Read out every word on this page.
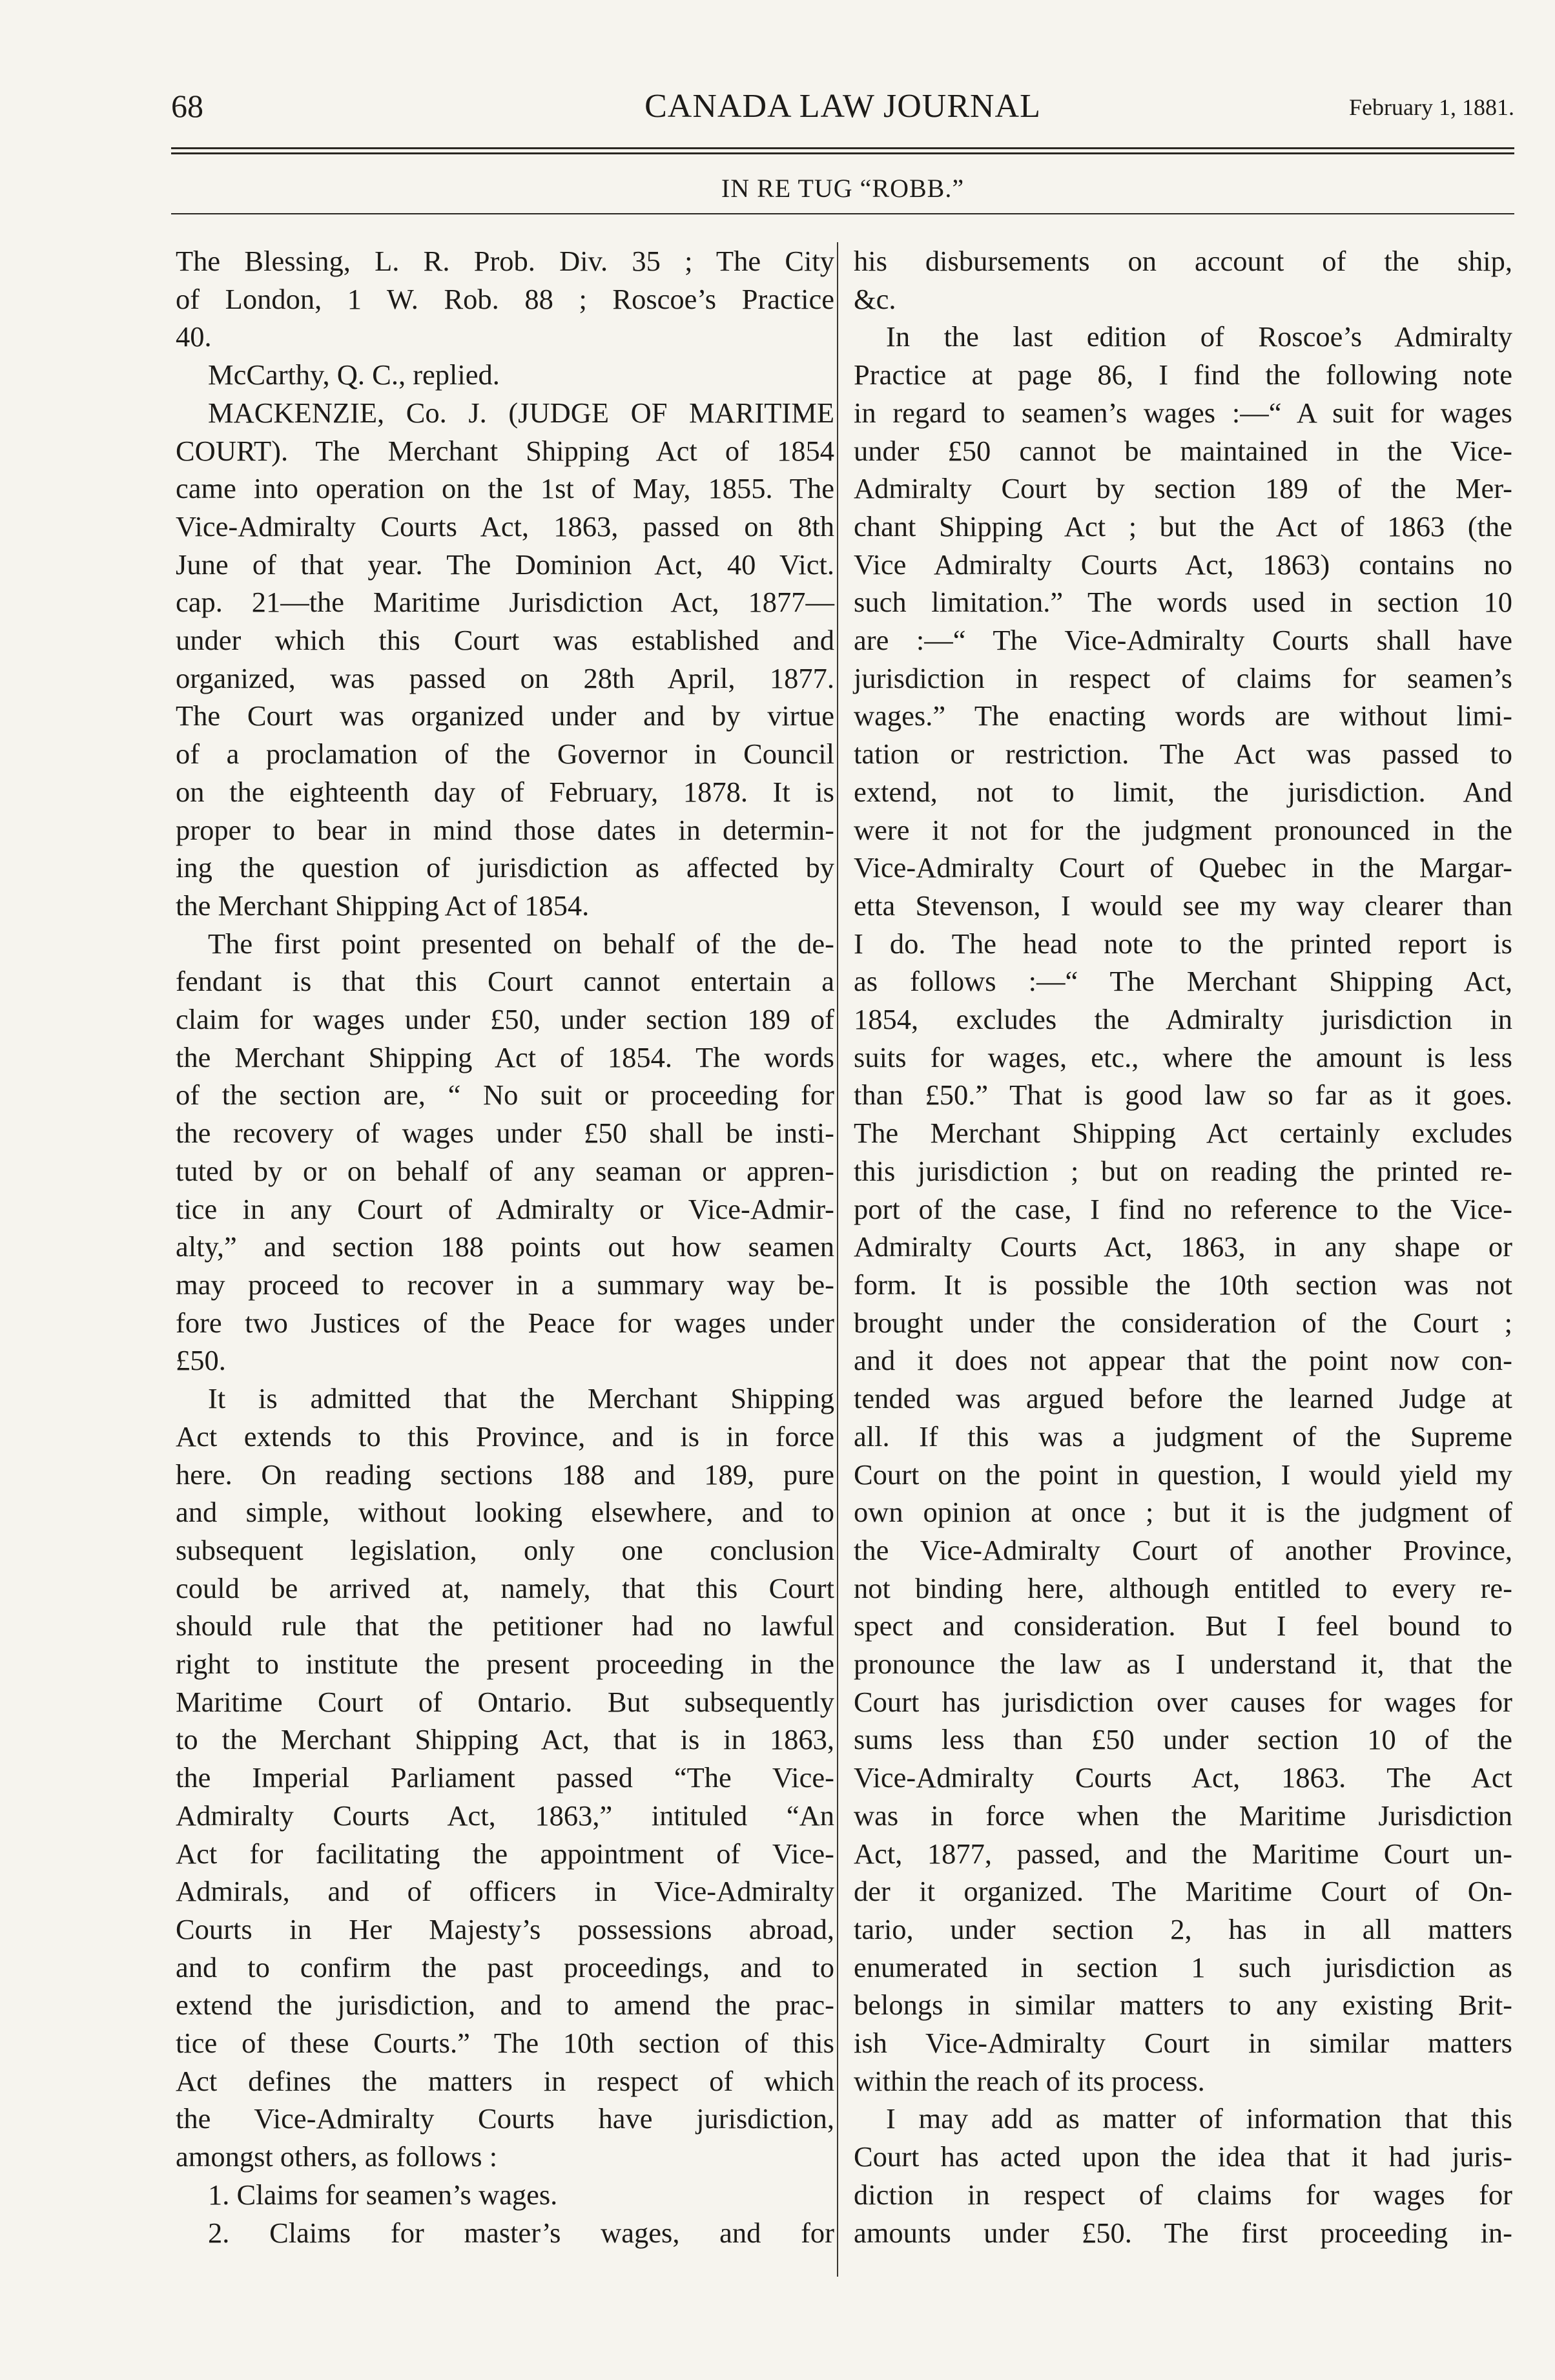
68	CANADA LAW JOURNAL	February 1, 1881.
IN RE TUG “ROBB.”
The Blessing, L. R. Prob. Div. 35 ; The City
of London, 1 W. Rob. 88 ; Roscoe’s Practice
40.
McCarthy, Q. C., replied.
MACKENZIE, Co. J. (JUDGE OF MARITIME
COURT). The Merchant Shipping Act of 1854
came into operation on the 1st of May, 1855. The
Vice-Admiralty Courts Act, 1863, passed on 8th
June of that year. The Dominion Act, 40 Vict.
cap. 21—the Maritime Jurisdiction Act, 1877—
under which this Court was established and
organized, was passed on 28th April, 1877.
The Court was organized under and by virtue
of a proclamation of the Governor in Council
on the eighteenth day of February, 1878. It is
proper to bear in mind those dates in determin-
ing the question of jurisdiction as affected by
the Merchant Shipping Act of 1854.
The first point presented on behalf of the de-
fendant is that this Court cannot entertain a
claim for wages under £50, under section 189 of
the Merchant Shipping Act of 1854. The words
of the section are, “ No suit or proceeding for
the recovery of wages under £50 shall be insti-
tuted by or on behalf of any seaman or appren-
tice in any Court of Admiralty or Vice-Admir-
alty,” and section 188 points out how seamen
may proceed to recover in a summary way be-
fore two Justices of the Peace for wages under
£50.
It is admitted that the Merchant Shipping
Act extends to this Province, and is in force
here. On reading sections 188 and 189, pure
and simple, without looking elsewhere, and to
subsequent legislation, only one conclusion
could be arrived at, namely, that this Court
should rule that the petitioner had no lawful
right to institute the present proceeding in the
Maritime Court of Ontario. But subsequently
to the Merchant Shipping Act, that is in 1863,
the Imperial Parliament passed “The Vice-
Admiralty Courts Act, 1863,” intituled “An
Act for facilitating the appointment of Vice-
Admirals, and of officers in Vice-Admiralty
Courts in Her Majesty’s possessions abroad,
and to confirm the past proceedings, and to
extend the jurisdiction, and to amend the prac-
tice of these Courts.” The 10th section of this
Act defines the matters in respect of which
the Vice-Admiralty Courts have jurisdiction,
amongst others, as follows :
1. Claims for seamen’s wages.
2. Claims for master’s wages, and for
his disbursements on account of the ship,
&c.
In the last edition of Roscoe’s Admiralty
Practice at page 86, I find the following note
in regard to seamen’s wages :—“ A suit for wages
under £50 cannot be maintained in the Vice-
Admiralty Court by section 189 of the Mer-
chant Shipping Act ; but the Act of 1863 (the
Vice Admiralty Courts Act, 1863) contains no
such limitation.” The words used in section 10
are :—“ The Vice-Admiralty Courts shall have
jurisdiction in respect of claims for seamen’s
wages.” The enacting words are without limi-
tation or restriction. The Act was passed to
extend, not to limit, the jurisdiction. And
were it not for the judgment pronounced in the
Vice-Admiralty Court of Quebec in the Margar-
etta Stevenson, I would see my way clearer than
I do. The head note to the printed report is
as follows :—“ The Merchant Shipping Act,
1854, excludes the Admiralty jurisdiction in
suits for wages, etc., where the amount is less
than £50.” That is good law so far as it goes.
The Merchant Shipping Act certainly excludes
this jurisdiction ; but on reading the printed re-
port of the case, I find no reference to the Vice-
Admiralty Courts Act, 1863, in any shape or
form. It is possible the 10th section was not
brought under the consideration of the Court ;
and it does not appear that the point now con-
tended was argued before the learned Judge at
all. If this was a judgment of the Supreme
Court on the point in question, I would yield my
own opinion at once ; but it is the judgment of
the Vice-Admiralty Court of another Province,
not binding here, although entitled to every re-
spect and consideration. But I feel bound to
pronounce the law as I understand it, that the
Court has jurisdiction over causes for wages for
sums less than £50 under section 10 of the
Vice-Admiralty Courts Act, 1863. The Act
was in force when the Maritime Jurisdiction
Act, 1877, passed, and the Maritime Court un-
der it organized. The Maritime Court of On-
tario, under section 2, has in all matters
enumerated in section 1 such jurisdiction as
belongs in similar matters to any existing Brit-
ish Vice-Admiralty Court in similar matters
within the reach of its process.
I may add as matter of information that this
Court has acted upon the idea that it had juris-
diction in respect of claims for wages for
amounts under £50. The first proceeding in-
